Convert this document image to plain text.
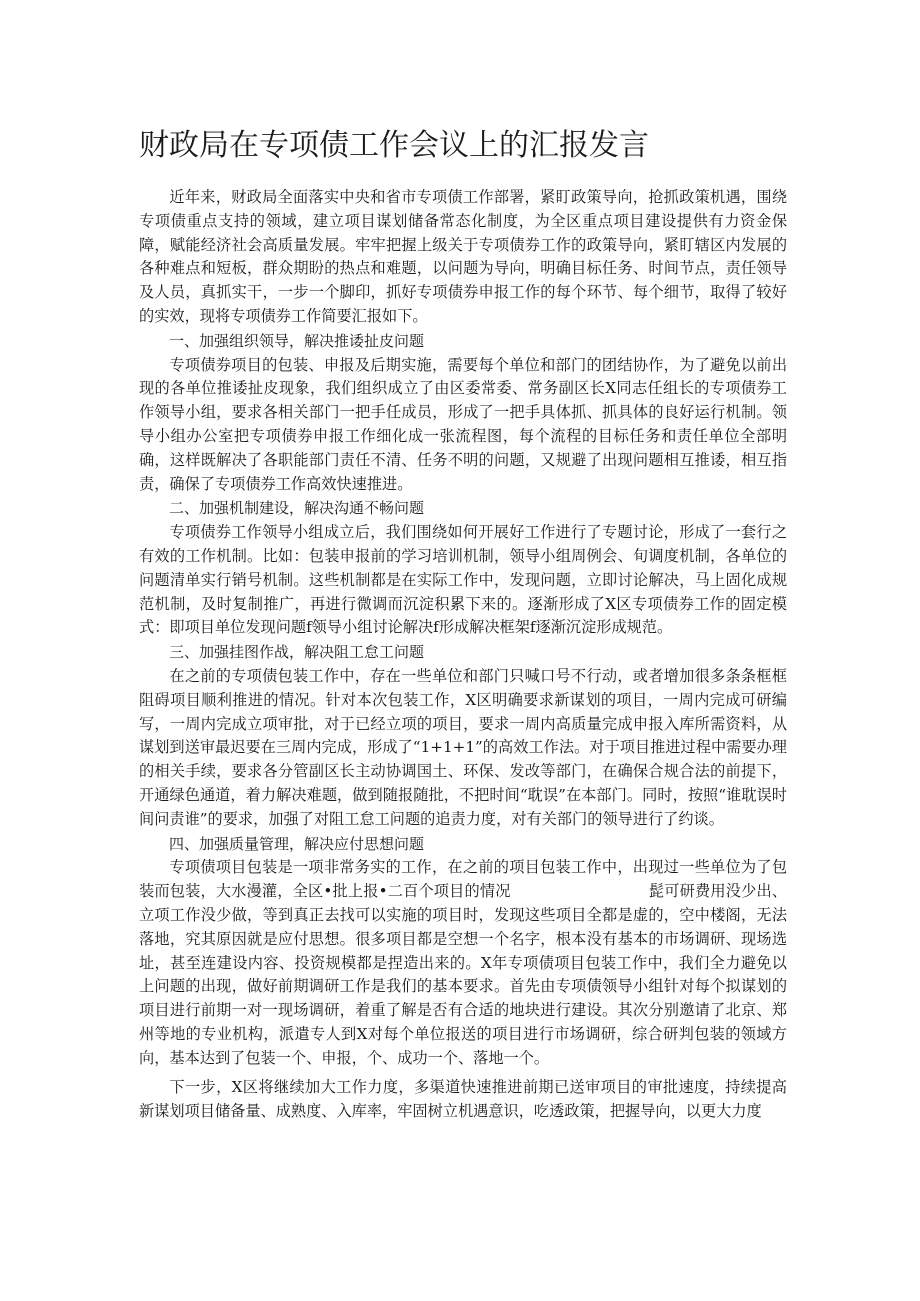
财政局在专项债工作会议上的汇报发言

近年来，财政局全面落实中央和省市专项债工作部署，紧盯政策导向，抢抓政策机遇，围绕专项债重点支持的领域，建立项目谋划储备常态化制度，为全区重点项目建设提供有力资金保障，赋能经济社会高质量发展。牢牢把握上级关于专项债券工作的政策导向，紧盯辖区内发展的各种难点和短板，群众期盼的热点和难题，以问题为导向，明确目标任务、时间节点，责任领导及人员，真抓实干，一步一个脚印，抓好专项债券申报工作的每个环节、每个细节，取得了较好的实效，现将专项债券工作简要汇报如下。

一、加强组织领导，解决推诿扯皮问题

专项债券项目的包装、申报及后期实施，需要每个单位和部门的团结协作，为了避免以前出现的各单位推诿扯皮现象，我们组织成立了由区委常委、常务副区长X同志任组长的专项债券工作领导小组，要求各相关部门一把手任成员，形成了一把手具体抓、抓具体的良好运行机制。领导小组办公室把专项债券申报工作细化成一张流程图，每个流程的目标任务和责任单位全部明确，这样既解决了各职能部门责任不清、任务不明的问题，又规避了出现问题相互推诿，相互指责，确保了专项债券工作高效快速推进。

二、加强机制建设，解决沟通不畅问题

专项债券工作领导小组成立后，我们围绕如何开展好工作进行了专题讨论，形成了一套行之有效的工作机制。比如：包装申报前的学习培训机制，领导小组周例会、旬调度机制，各单位的问题清单实行销号机制。这些机制都是在实际工作中，发现问题，立即讨论解决，马上固化成规范机制，及时复制推广，再进行微调而沉淀积累下来的。逐渐形成了X区专项债券工作的固定模式：即项目单位发现问题f领导小组讨论解决f形成解决框架f逐渐沉淀形成规范。

三、加强挂图作战，解决阻工怠工问题

在之前的专项债包装工作中，存在一些单位和部门只喊口号不行动，或者增加很多条条框框阻碍项目顺利推进的情况。针对本次包装工作，X区明确要求新谋划的项目，一周内完成可研编写，一周内完成立项审批，对于已经立项的项目，要求一周内高质量完成申报入库所需资料，从谋划到送审最迟要在三周内完成，形成了“1+1+1”的高效工作法。对于项目推进过程中需要办理的相关手续，要求各分管副区长主动协调国土、环保、发改等部门，在确保合规合法的前提下，开通绿色通道，着力解决难题，做到随报随批，不把时间“耽误”在本部门。同时，按照“谁耽误时间问责谁”的要求，加强了对阻工怠工问题的追责力度，对有关部门的领导进行了约谈。

四、加强质量管理，解决应付思想问题

专项债项目包装是一项非常务实的工作，在之前的项目包装工作中，出现过一些单位为了包装而包装，大水漫灌，全区•批上报•二百个项目的情况　　　　　　　　　髭可研费用没少出、立项工作没少做，等到真正去找可以实施的项目时，发现这些项目全都是虚的，空中楼阁，无法落地，究其原因就是应付思想。很多项目都是空想一个名字，根本没有基本的市场调研、现场选址，甚至连建设内容、投资规模都是捏造出来的。X年专项债项目包装工作中，我们全力避免以上问题的出现，做好前期调研工作是我们的基本要求。首先由专项债领导小组针对每个拟谋划的项目进行前期一对一现场调研，着重了解是否有合适的地块进行建设。其次分别邀请了北京、郑州等地的专业机构，派遣专人到X对每个单位报送的项目进行市场调研，综合研判包装的领域方向，基本达到了包装一个、申报，个、成功一个、落地一个。

下一步，X区将继续加大工作力度，多渠道快速推进前期已送审项目的审批速度，持续提高新谋划项目储备量、成熟度、入库率，牢固树立机遇意识，吃透政策，把握导向，以更大力度
